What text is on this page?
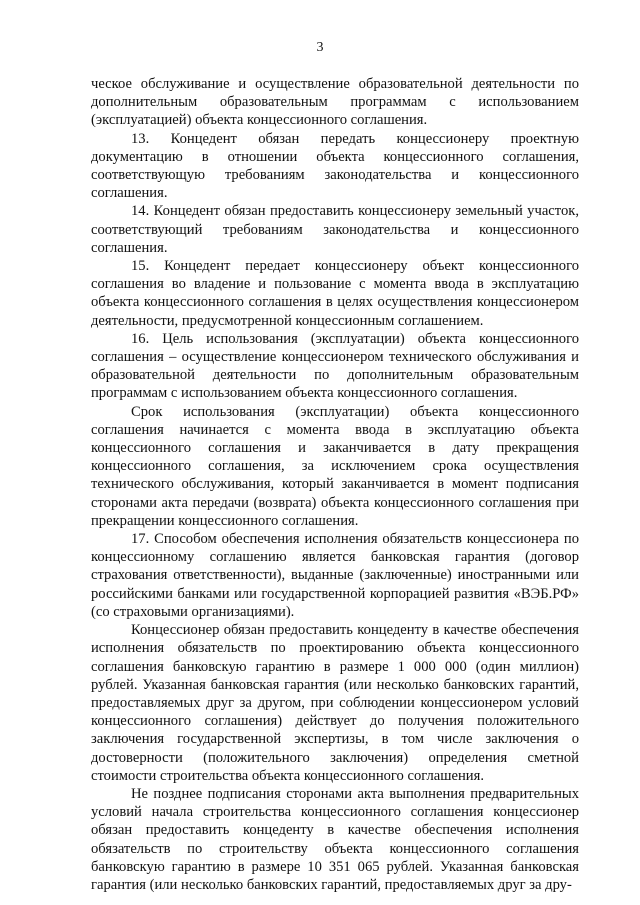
3

ческое обслуживание и осуществление образовательной деятельности по дополнительным образовательным программам с использованием (эксплуатацией) объекта концессионного соглашения.

13. Концедент обязан передать концессионеру проектную документацию в отношении объекта концессионного соглашения, соответствующую требованиям законодательства и концессионного соглашения.

14. Концедент обязан предоставить концессионеру земельный участок, соответствующий требованиям законодательства и концессионного соглашения.

15. Концедент передает концессионеру объект концессионного соглашения во владение и пользование с момента ввода в эксплуатацию объекта концессионного соглашения в целях осуществления концессионером деятельности, предусмотренной концессионным соглашением.

16. Цель использования (эксплуатации) объекта концессионного соглашения – осуществление концессионером технического обслуживания и образовательной деятельности по дополнительным образовательным программам с использованием объекта концессионного соглашения.

Срок использования (эксплуатации) объекта концессионного соглашения начинается с момента ввода в эксплуатацию объекта концессионного соглашения и заканчивается в дату прекращения концессионного соглашения, за исключением срока осуществления технического обслуживания, который заканчивается в момент подписания сторонами акта передачи (возврата) объекта концессионного соглашения при прекращении концессионного соглашения.

17. Способом обеспечения исполнения обязательств концессионера по концессионному соглашению является банковская гарантия (договор страхования ответственности), выданные (заключенные) иностранными или российскими банками или государственной корпорацией развития «ВЭБ.РФ» (со страховыми организациями).

Концессионер обязан предоставить концеденту в качестве обеспечения исполнения обязательств по проектированию объекта концессионного соглашения банковскую гарантию в размере 1 000 000 (один миллион) рублей. Указанная банковская гарантия (или несколько банковских гарантий, предоставляемых друг за другом, при соблюдении концессионером условий концессионного соглашения) действует до получения положительного заключения государственной экспертизы, в том числе заключения о достоверности (положительного заключения) определения сметной стоимости строительства объекта концессионного соглашения.

Не позднее подписания сторонами акта выполнения предварительных условий начала строительства концессионного соглашения концессионер обязан предоставить концеденту в качестве обеспечения исполнения обязательств по строительству объекта концессионного соглашения банковскую гарантию в размере 10 351 065 рублей. Указанная банковская гарантия (или несколько банковских гарантий, предоставляемых друг за дру-
